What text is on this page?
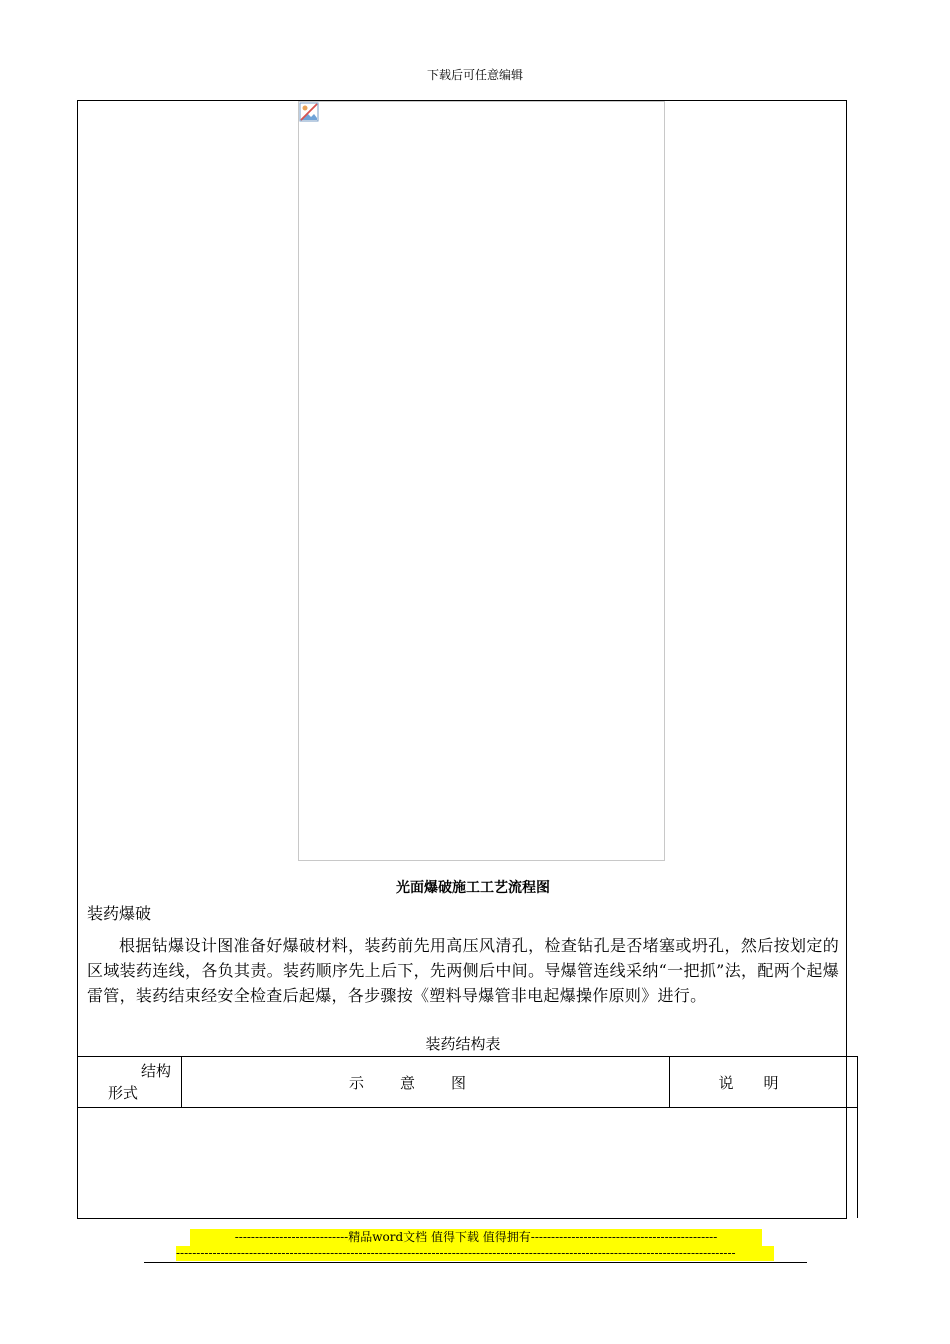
下载后可任意编辑
光面爆破施工工艺流程图
装药爆破
根据钻爆设计图准备好爆破材料，装药前先用高压风清孔，检查钻孔是否堵塞或坍孔，然后按划定的区域装药连线，各负其责。装药顺序先上后下，先两侧后中间。导爆管连线采纳“一把抓”法，配两个起爆雷管，装药结束经安全检查后起爆，各步骤按《塑料导爆管非电起爆操作原则》进行。
装药结构表
结构
形式
	示意图	说明

----------------------------精品word文档 值得下载 值得拥有----------------------------------------------
------------------------------------------------------------------------------------------------------------------------------------------
